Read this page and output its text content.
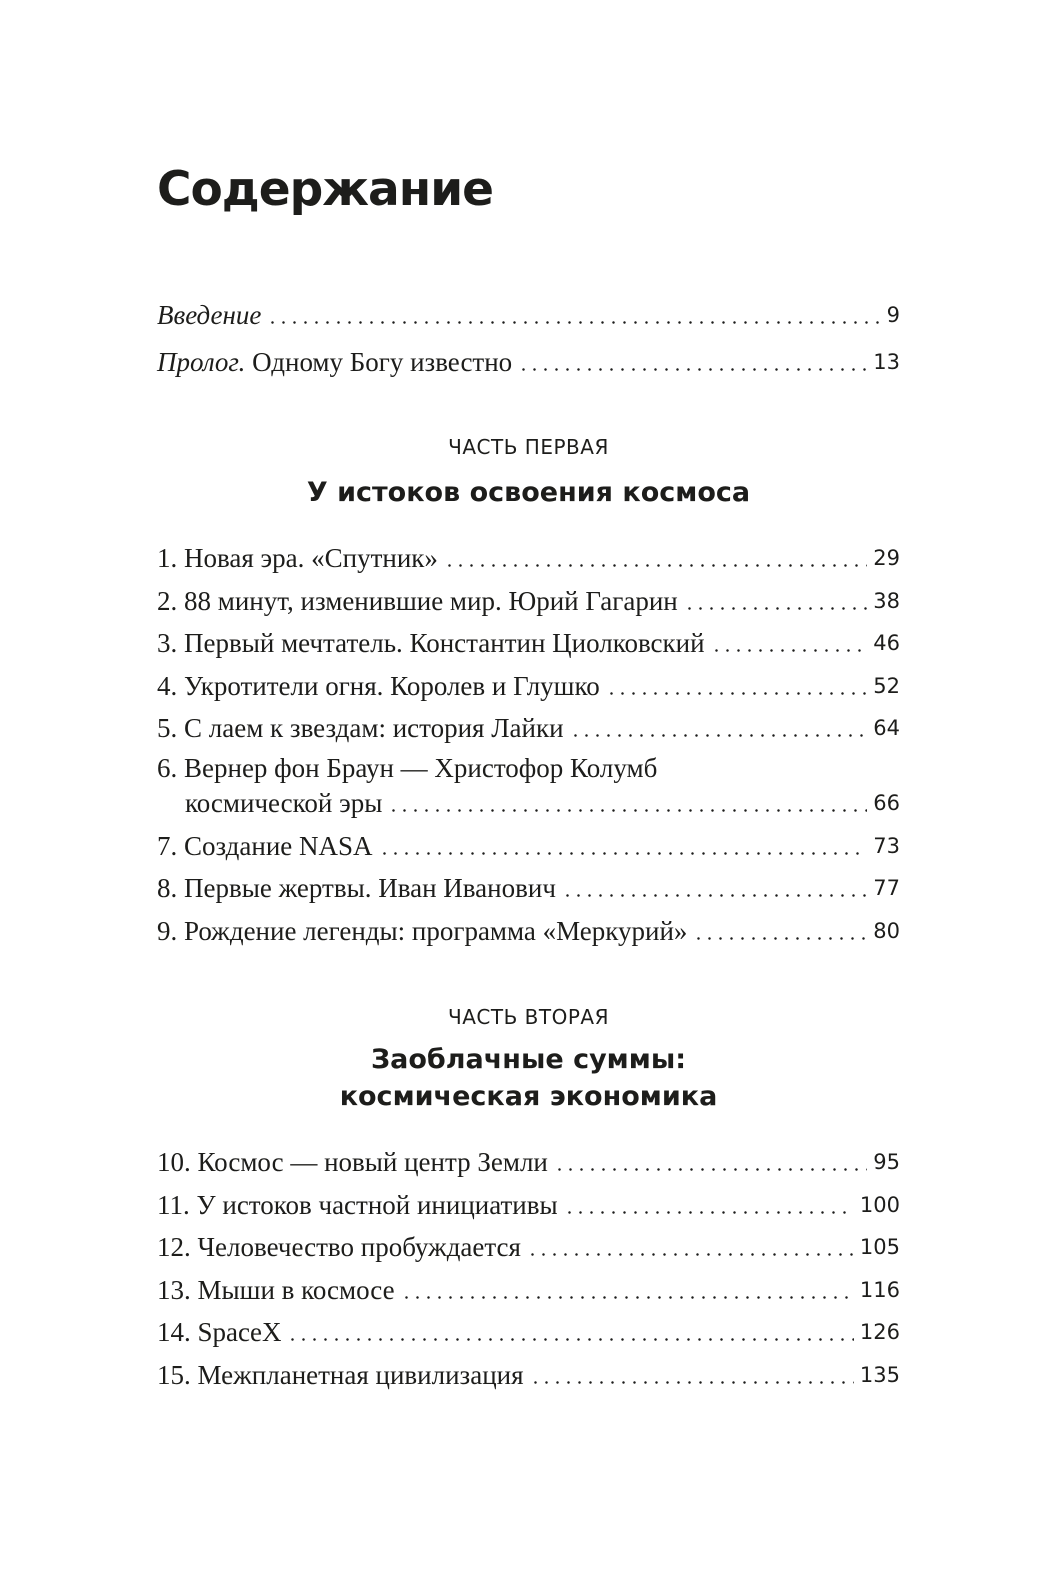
Содержание
Введение	9
Пролог. Одному Богу известно	13
ЧАСТЬ ПЕРВАЯ
У истоков освоения космоса
1. Новая эра. «Спутник»	29
2. 88 минут, изменившие мир. Юрий Гагарин	38
3. Первый мечтатель. Константин Циолковский	46
4. Укротители огня. Королев и Глушко	52
5. С лаем к звездам: история Лайки	64
6. Вернер фон Браун — Христофор Колумб
космической эры	66
7. Создание NASA	73
8. Первые жертвы. Иван Иванович	77
9. Рождение легенды: программа «Меркурий»	80
ЧАСТЬ ВТОРАЯ
Заоблачные суммы:
космическая экономика
10. Космос — новый центр Земли	95
11. У истоков частной инициативы	100
12. Человечество пробуждается	105
13. Мыши в космосе	116
14. SpaceX	126
15. Межпланетная цивилизация	135
